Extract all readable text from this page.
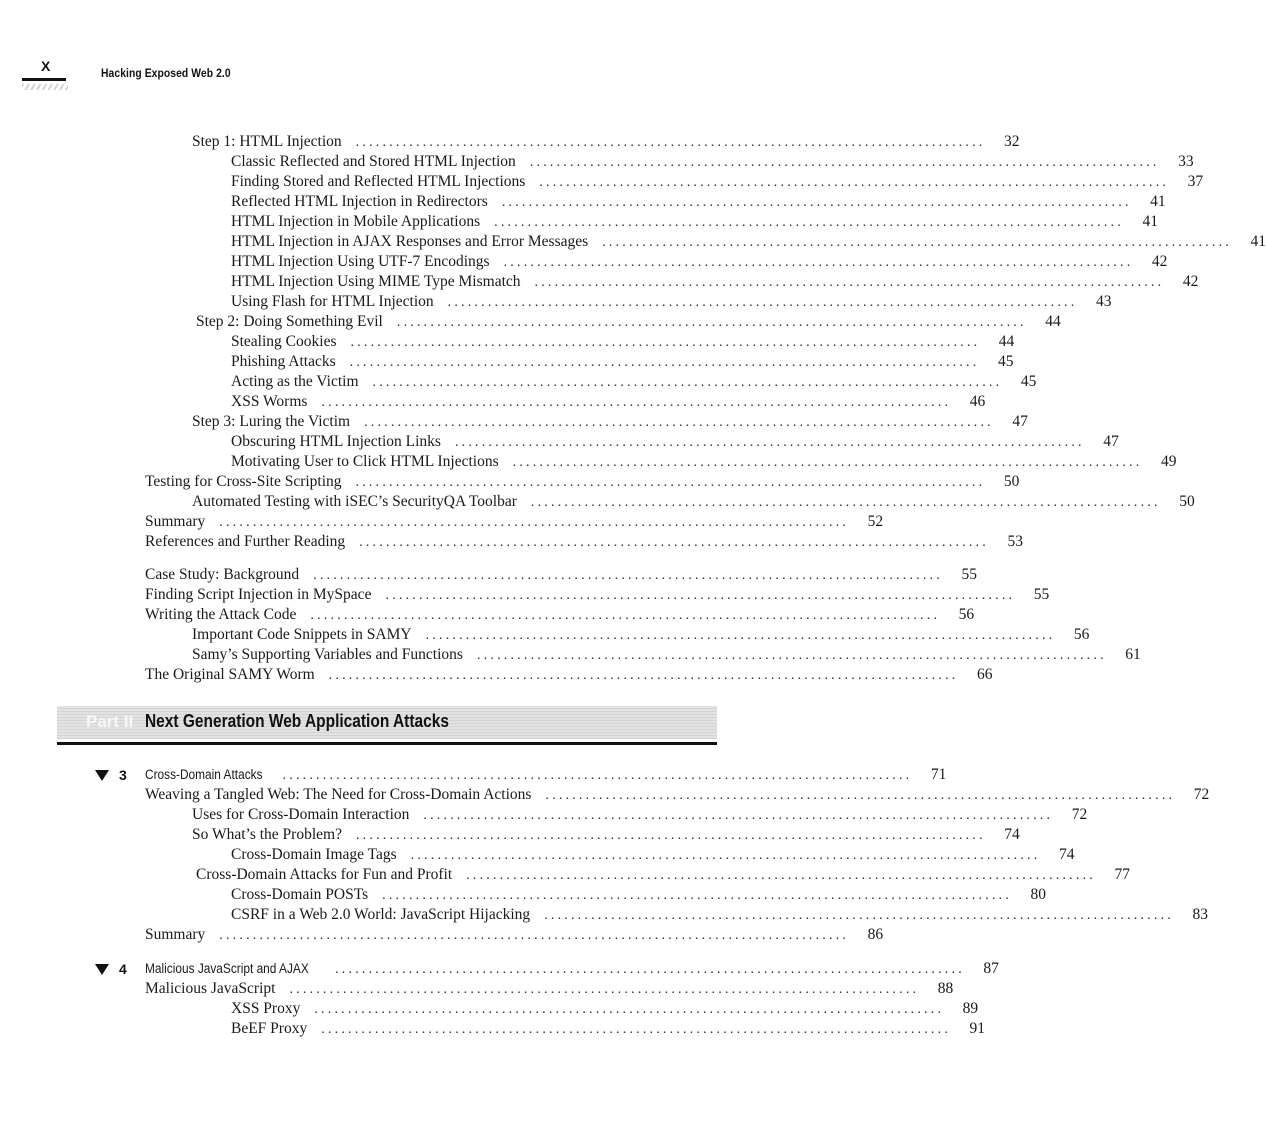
X	Hacking Exposed Web 2.0
Step 1: HTML Injection ..............................................................................................	32
Classic Reflected and Stored HTML Injection ..............................................................................................	33
Finding Stored and Reflected HTML Injections ..............................................................................................	37
Reflected HTML Injection in Redirectors ..............................................................................................	41
HTML Injection in Mobile Applications ..............................................................................................	41
HTML Injection in AJAX Responses and Error Messages ..............................................................................................	41
HTML Injection Using UTF-7 Encodings ..............................................................................................	42
HTML Injection Using MIME Type Mismatch ..............................................................................................	42
Using Flash for HTML Injection ..............................................................................................	43
Step 2: Doing Something Evil ..............................................................................................	44
Stealing Cookies ..............................................................................................	44
Phishing Attacks ..............................................................................................	45
Acting as the Victim ..............................................................................................	45
XSS Worms ..............................................................................................	46
Step 3: Luring the Victim ..............................................................................................	47
Obscuring HTML Injection Links ..............................................................................................	47
Motivating User to Click HTML Injections ..............................................................................................	49
Testing for Cross-Site Scripting ..............................................................................................	50
Automated Testing with iSEC’s SecurityQA Toolbar ..............................................................................................	50
Summary ..............................................................................................	52
References and Further Reading ..............................................................................................	53
Case Study: Background ..............................................................................................	55
Finding Script Injection in MySpace ..............................................................................................	55
Writing the Attack Code ..............................................................................................	56
Important Code Snippets in SAMY ..............................................................................................	56
Samy’s Supporting Variables and Functions ..............................................................................................	61
The Original SAMY Worm ..............................................................................................	66
Part II Next Generation Web Application Attacks
3 Cross-Domain Attacks ..............................................................................................	71
Weaving a Tangled Web: The Need for Cross-Domain Actions ..............................................................................................	72
Uses for Cross-Domain Interaction ..............................................................................................	72
So What’s the Problem? ..............................................................................................	74
Cross-Domain Image Tags ..............................................................................................	74
Cross-Domain Attacks for Fun and Profit ..............................................................................................	77
Cross-Domain POSTs ..............................................................................................	80
CSRF in a Web 2.0 World: JavaScript Hijacking ..............................................................................................	83
Summary ..............................................................................................	86
4 Malicious JavaScript and AJAX ..............................................................................................	87
Malicious JavaScript ..............................................................................................	88
XSS Proxy ..............................................................................................	89
BeEF Proxy ..............................................................................................	91
